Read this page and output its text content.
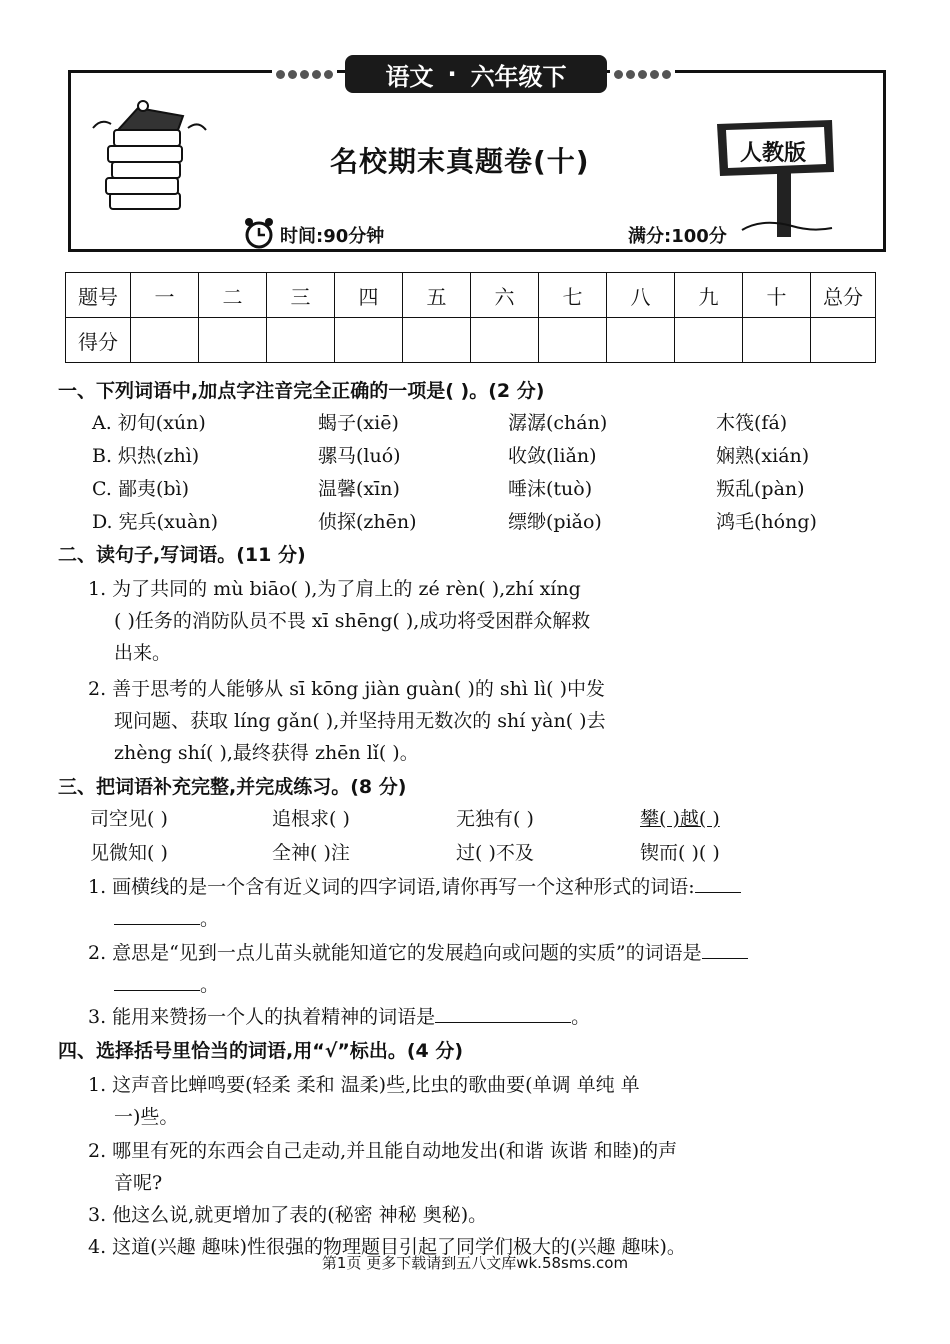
语文 · 六年级下
名校期末真题卷(十)	人教版
时间:90分钟	满分:100分
题号	一	二	三	四	五	六	七	八	九	十	总分
得分											
一、下列词语中,加点字注音完全正确的一项是( )。(2 分)
A. 初旬(xún)	蝎子(xiē)	潺潺(chán)	木筏(fá)
B. 炽热(zhì)	骡马(luó)	收敛(liǎn)	娴熟(xián)
C. 鄙夷(bì)	温馨(xīn)	唾沫(tuò)	叛乱(pàn)
D. 宪兵(xuàn)	侦探(zhēn)	缥缈(piǎo)	鸿毛(hóng)
二、读句子,写词语。(11 分)
1. 为了共同的 mù biāo( ),为了肩上的 zé rèn( ),zhí xíng
( )任务的消防队员不畏 xī shēng( ),成功将受困群众解救
出来。
2. 善于思考的人能够从 sī kōng jiàn guàn( )的 shì lì( )中发
现问题、获取 líng gǎn( ),并坚持用无数次的 shí yàn( )去
zhèng shí( ),最终获得 zhēn lǐ( )。
三、把词语补充完整,并完成练习。(8 分)
司空见( )	追根求( )	无独有( )	攀( )越( )
见微知( )	全神( )注	过( )不及	锲而( )( )
1. 画横线的是一个含有近义词的四字词语,请你再写一个这种形式的词语:
。
2. 意思是“见到一点儿苗头就能知道它的发展趋向或问题的实质”的词语是
。
3. 能用来赞扬一个人的执着精神的词语是	。
四、选择括号里恰当的词语,用“√”标出。(4 分)
1. 这声音比蝉鸣要(轻柔 柔和 温柔)些,比虫的歌曲要(单调 单纯 单
一)些。
2. 哪里有死的东西会自己走动,并且能自动地发出(和谐 诙谐 和睦)的声
音呢?
3. 他这么说,就更增加了表的(秘密 神秘 奥秘)。
4. 这道(兴趣 趣味)性很强的物理题目引起了同学们极大的(兴趣 趣味)。
第1页 更多下载请到五八文库wk.58sms.com
